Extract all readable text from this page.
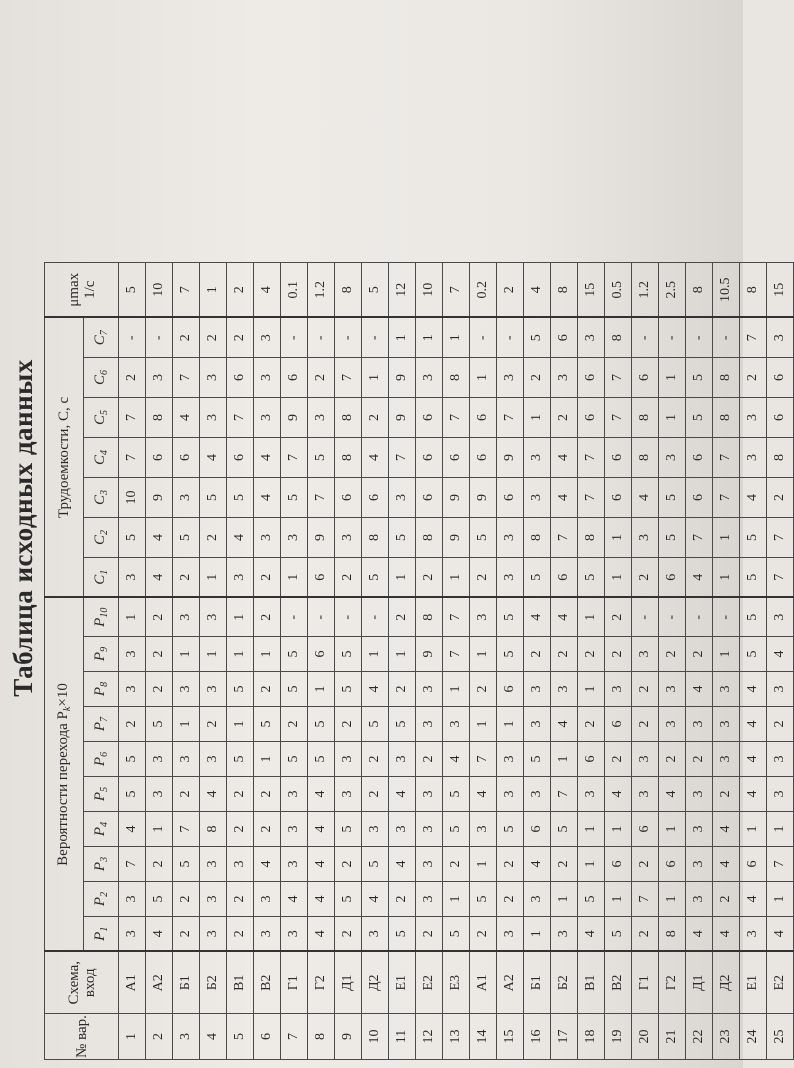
Таблица исходных данных
№ вар.	Схема, вход	Вероятности перехода $P_k\times 10$										Трудоемкости, C, c							μmax 1/c
		$P_1$	$P_2$	$P_3$	$P_4$	$P_5$	$P_6$	$P_7$	$P_8$	$P_9$	$P_{10}$	$C_1$	$C_2$	$C_3$	$C_4$	$C_5$	$C_6$	$C_7$
1	А1	3	3	7	4	5	5	2	3	3	1	3	5	10	7	7	2	-	5
2	А2	4	5	2	1	3	3	5	2	2	2	4	4	9	6	8	3	-	10
3	Б1	2	2	5	7	2	3	1	3	1	3	2	5	3	6	4	7	2	7
4	Б2	3	3	3	8	4	3	2	3	1	3	1	2	5	4	3	3	2	1
5	В1	2	2	3	2	2	5	1	5	1	1	3	4	5	6	7	6	2	2
6	В2	3	3	4	2	2	1	5	2	1	2	2	3	4	4	3	3	3	4
7	Г1	3	4	3	3	3	5	2	5	5	-	1	3	5	7	9	6	-	0.1
8	Г2	4	4	4	4	4	5	5	1	6	-	6	9	7	5	3	2	-	1.2
9	Д1	2	5	2	5	3	3	2	5	5	-	2	3	6	8	8	7	-	8
10	Д2	3	4	5	3	2	2	5	4	1	-	5	8	6	4	2	1	-	5
11	Е1	5	2	4	3	4	3	5	2	1	2	1	5	3	7	9	9	1	12
12	Е2	2	3	3	3	3	2	3	3	9	8	2	8	6	6	6	3	1	10
13	Е3	5	1	2	5	5	4	3	1	7	7	1	9	9	6	7	8	1	7
14	А1	2	5	1	3	4	7	1	2	1	3	2	5	9	6	6	1	-	0.2
15	А2	3	2	2	5	3	3	1	6	5	5	3	3	6	9	7	3	-	2
16	Б1	1	3	4	6	3	5	3	3	2	4	5	8	3	3	1	2	5	4
17	Б2	3	1	2	5	7	1	4	3	2	4	6	7	4	4	2	3	6	8
18	В1	4	5	1	1	3	6	2	1	2	1	5	8	7	7	6	6	3	15
19	В2	5	1	6	1	4	2	6	3	2	2	1	1	6	6	7	7	8	0.5
20	Г1	2	7	2	6	3	3	2	2	3	-	2	3	4	8	8	6	-	1.2
21	Г2	8	1	6	1	4	2	3	3	2	-	6	5	5	3	1	1	-	2.5
22	Д1	4	3	3	3	3	2	3	4	2	-	4	7	6	6	5	5	-	8
23	Д2	4	2	4	4	2	3	3	3	1	-	1	1	7	7	8	8	-	10.5
24	Е1	3	4	6	1	4	4	4	4	5	5	5	5	4	3	3	2	7	8
25	Е2	4	1	7	1	3	3	2	3	4	3	7	7	2	8	6	6	3	15
